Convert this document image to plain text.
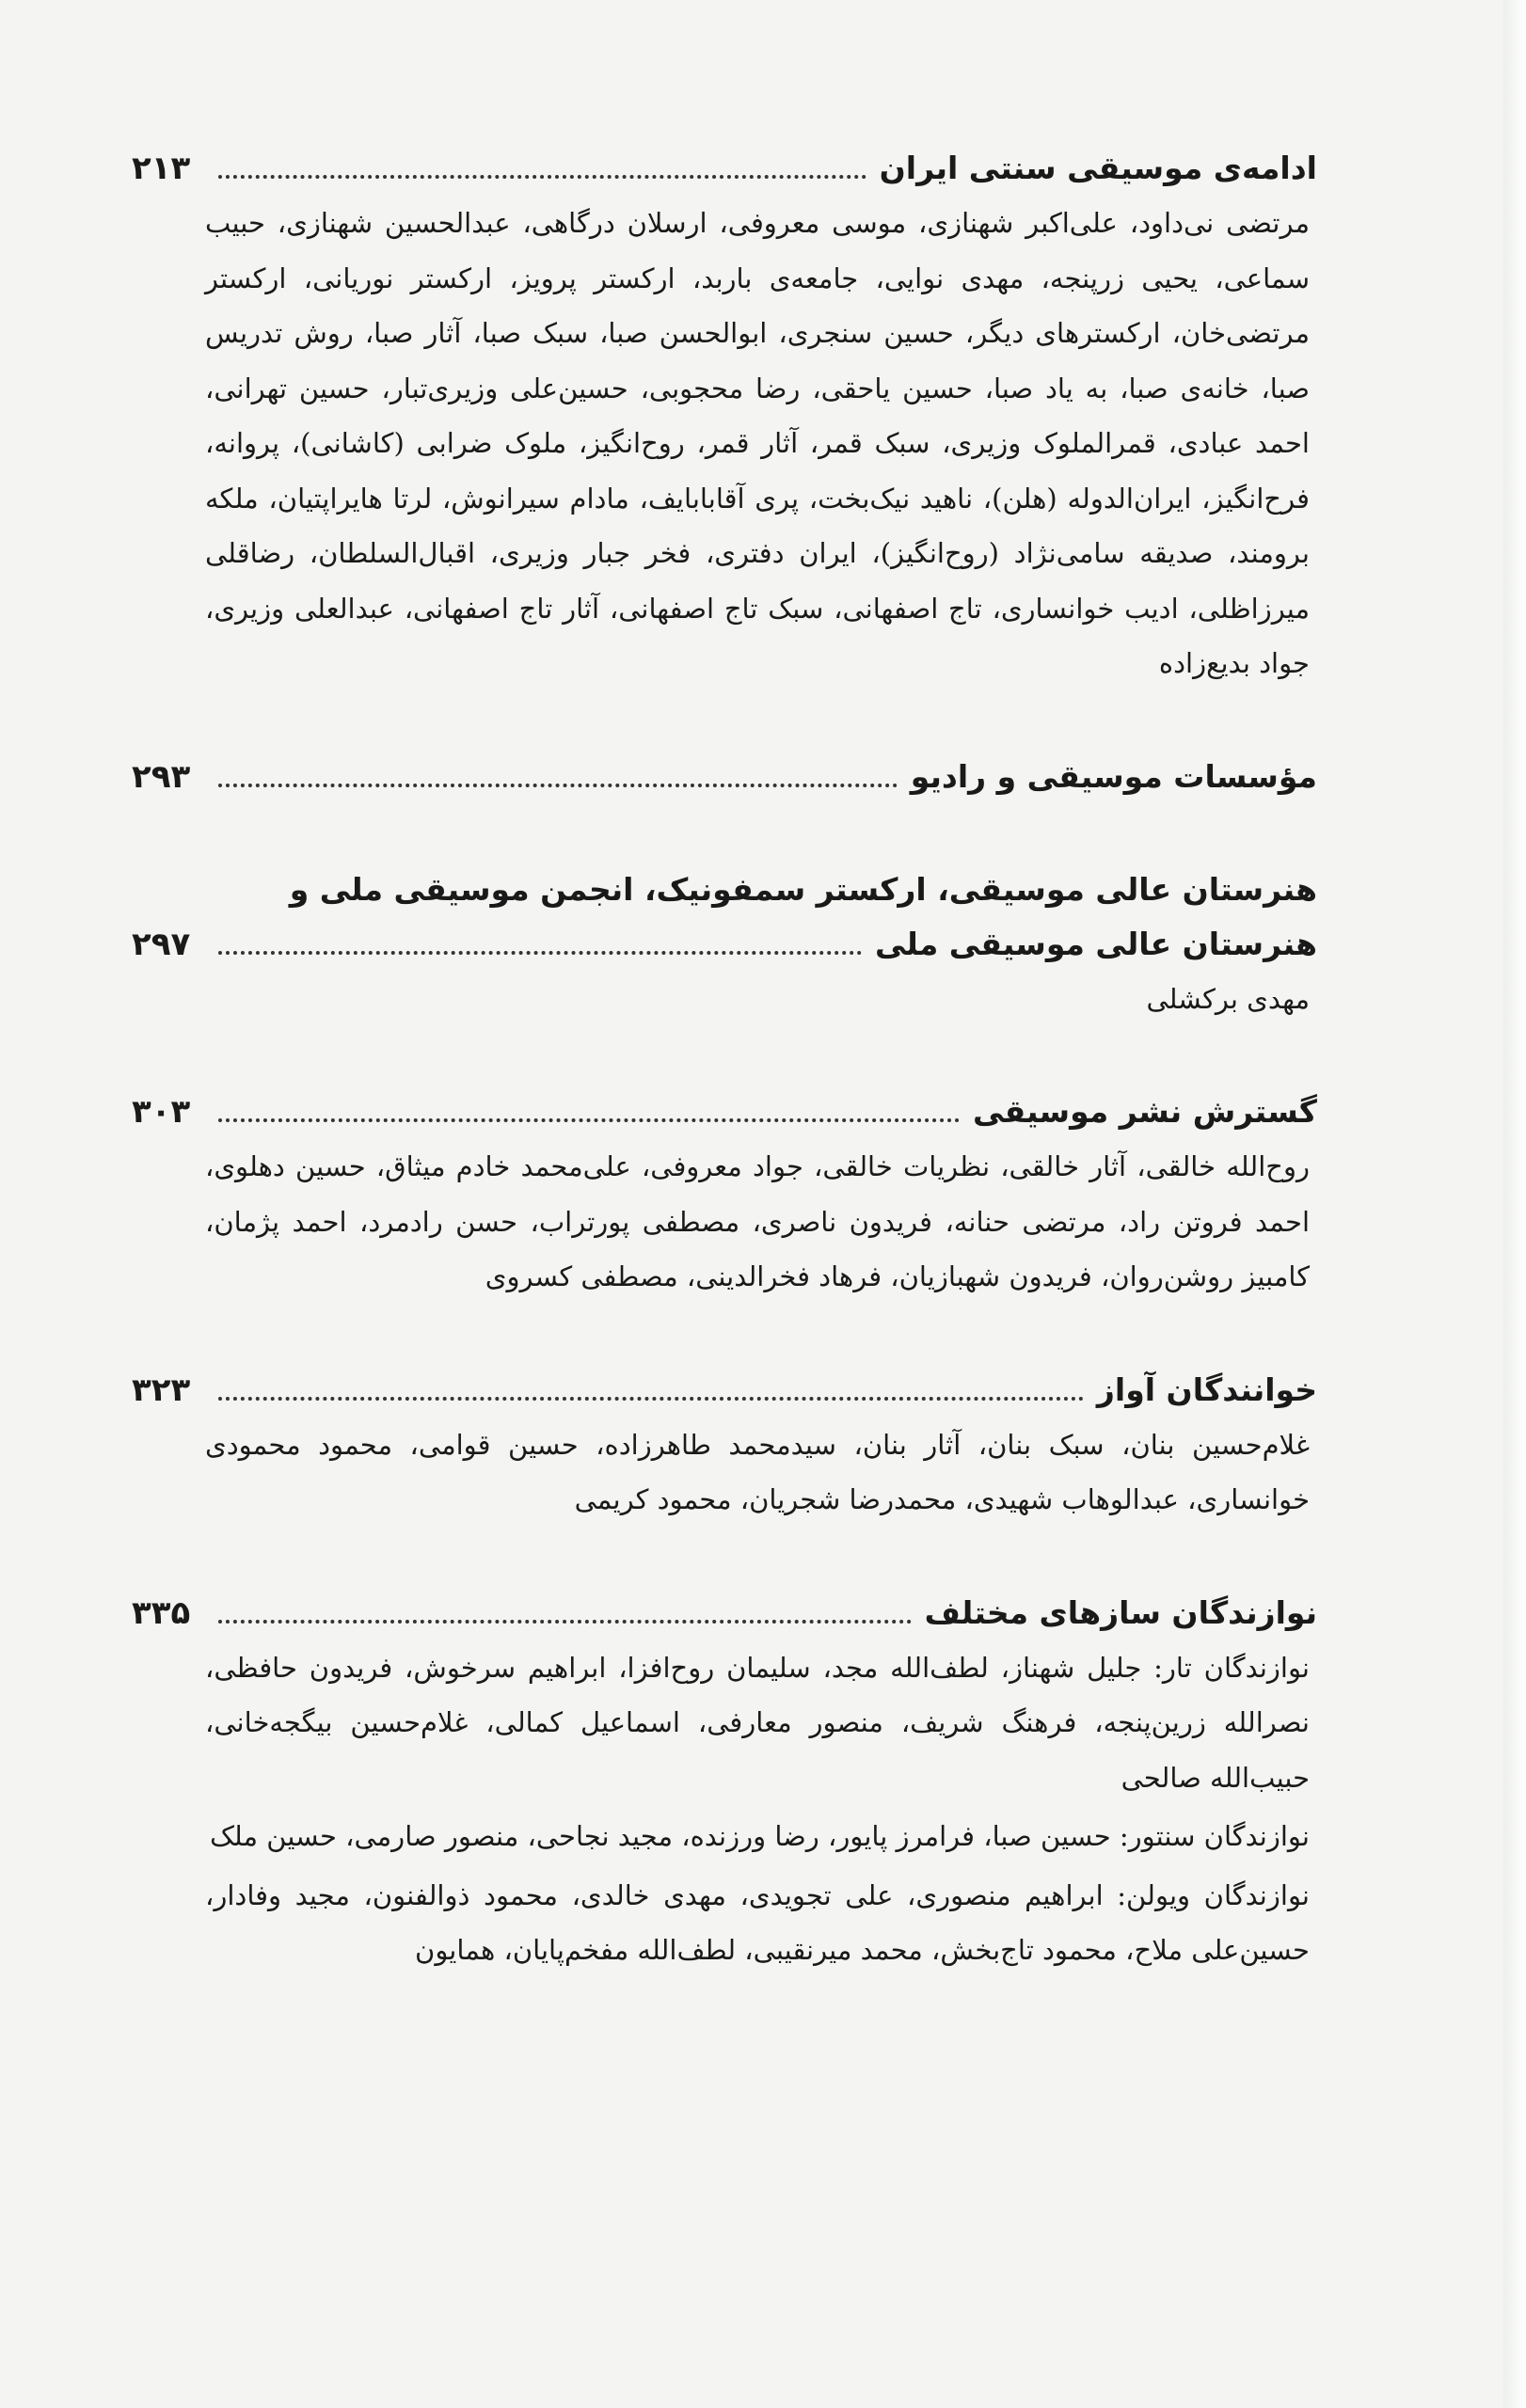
ادامه‌ی موسیقی سنتی ایران
۲۱۳
مرتضی نی‌داود، علی‌اکبر شهنازی، موسی معروفی، ارسلان درگاهی، عبدالحسین شهنازی، حبیب سماعی، یحیی زرپنجه، مهدی نوایی، جامعه‌ی باربد، ارکستر پرویز، ارکستر نوریانی، ارکستر مرتضی‌خان، ارکسترهای دیگر، حسین سنجری، ابوالحسن صبا، سبک صبا، آثار صبا، روش تدریس صبا، خانه‌ی صبا، به یاد صبا، حسین یاحقی، رضا محجوبی، حسین‌علی وزیری‌تبار، حسین تهرانی، احمد عبادی، قمرالملوک وزیری، سبک قمر، آثار قمر، روح‌انگیز، ملوک ضرابی (کاشانی)، پروانه، فرح‌انگیز، ایران‌الدوله (هلن)، ناهید نیک‌بخت، پری آقابابایف، مادام سیرانوش، لرتا هایراپتیان، ملکه برومند، صدیقه سامی‌نژاد (روح‌انگیز)، ایران دفتری، فخر جبار وزیری، اقبال‌السلطان، رضاقلی میرزاظلی، ادیب خوانساری، تاج اصفهانی، سبک تاج اصفهانی، آثار تاج اصفهانی، عبدالعلی وزیری، جواد بدیع‌زاده
مؤسسات موسیقی و رادیو
۲۹۳
هنرستان عالی موسیقی، ارکستر سمفونیک، انجمن موسیقی ملی و
هنرستان عالی موسیقی ملی
۲۹۷
مهدی برکشلی
گسترش نشر موسیقی
۳۰۳
روح‌الله خالقی، آثار خالقی، نظریات خالقی، جواد معروفی، علی‌محمد خادم میثاق، حسین دهلوی، احمد فروتن راد، مرتضی حنانه، فریدون ناصری، مصطفی پورتراب، حسن رادمرد، احمد پژمان، کامبیز روشن‌روان، فریدون شهبازیان، فرهاد فخرالدینی، مصطفی کسروی
خوانندگان آواز
۳۲۳
غلام‌حسین بنان، سبک بنان، آثار بنان، سیدمحمد طاهرزاده، حسین قوامی، محمود محمودی خوانساری، عبدالوهاب شهیدی، محمدرضا شجریان، محمود کریمی
نوازندگان سازهای مختلف
۳۳۵
نوازندگان تار: جلیل شهناز، لطف‌الله مجد، سلیمان روح‌افزا، ابراهیم سرخوش، فریدون حافظی، نصرالله زرین‌پنجه، فرهنگ شریف، منصور معارفی، اسماعیل کمالی، غلام‌حسین بیگجه‌خانی، حبیب‌الله صالحی
نوازندگان سنتور: حسین صبا، فرامرز پایور، رضا ورزنده، مجید نجاحی، منصور صارمی، حسین ملک
نوازندگان ویولن: ابراهیم منصوری، علی تجویدی، مهدی خالدی، محمود ذوالفنون، مجید وفادار، حسین‌علی ملاح، محمود تاج‌بخش، محمد میرنقیبی، لطف‌الله مفخم‌پایان، همایون
